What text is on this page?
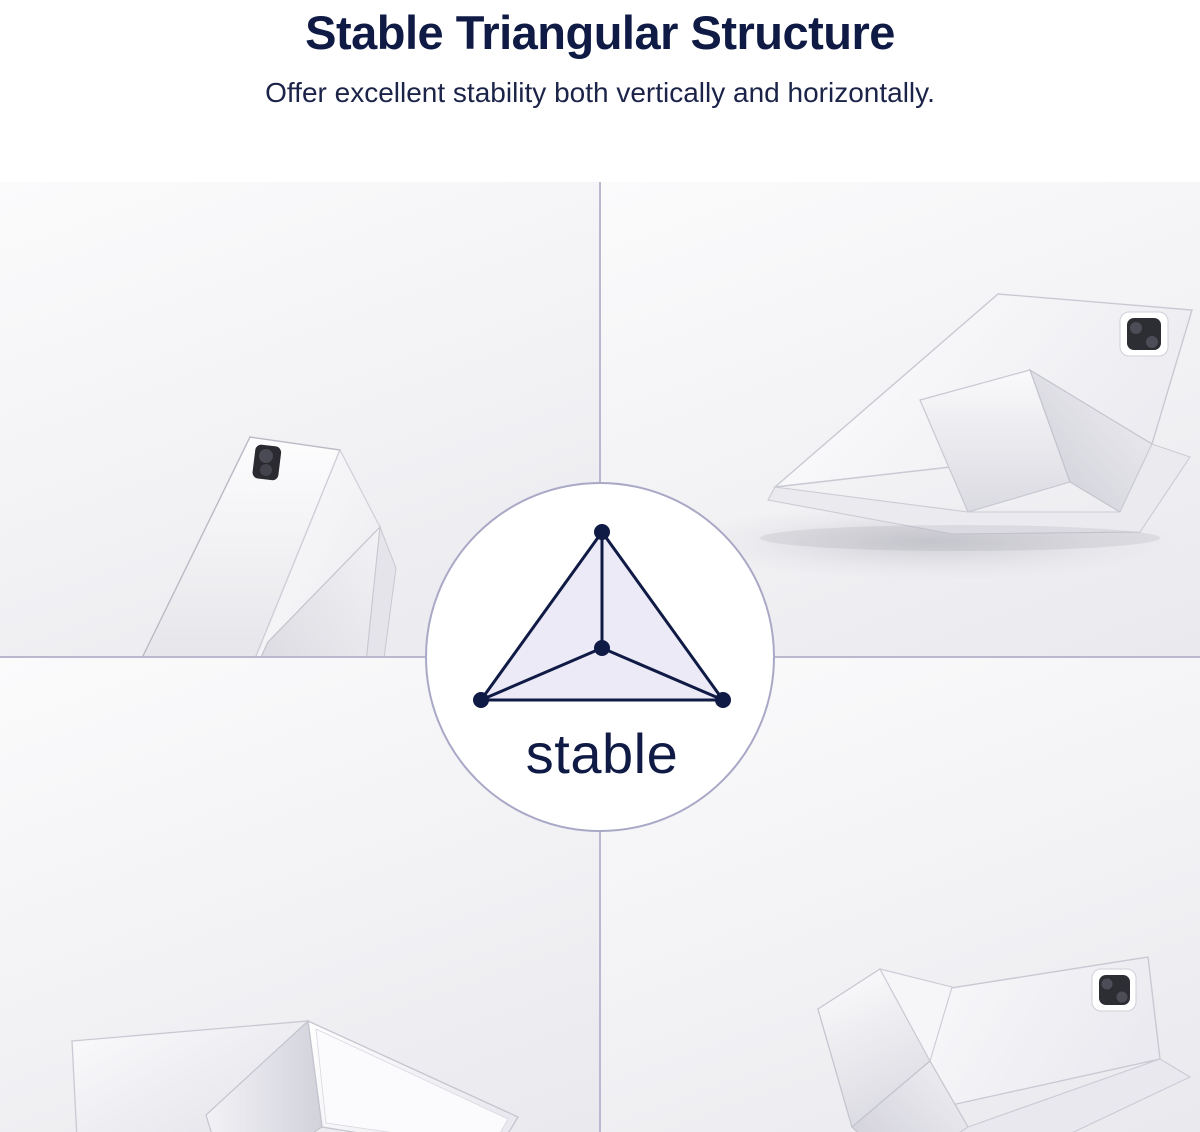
Stable Triangular Structure

Offer excellent stability both vertically and horizontally.

stable
